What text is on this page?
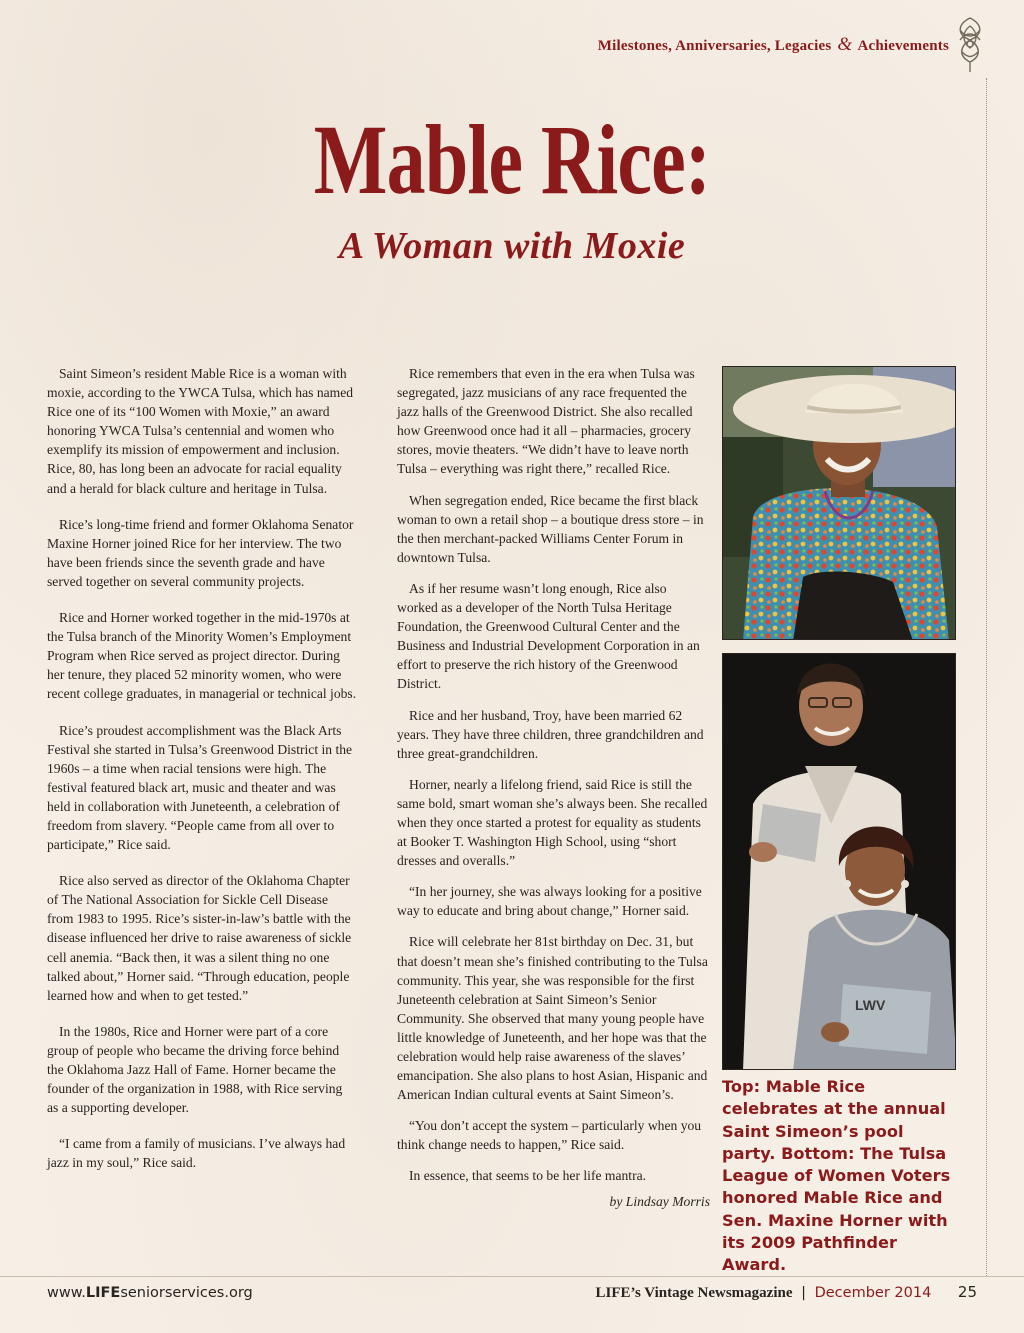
Milestones, Anniversaries, Legacies & Achievements
Mable Rice:
A Woman with Moxie

Saint Simeon’s resident Mable Rice is a woman with moxie, according to the YWCA Tulsa, which has named Rice one of its “100 Women with Moxie,” an award honoring YWCA Tulsa’s centennial and women who exemplify its mission of empowerment and inclusion. Rice, 80, has long been an advocate for racial equality and a herald for black culture and heritage in Tulsa.

Rice’s long-time friend and former Oklahoma Senator Maxine Horner joined Rice for her interview. The two have been friends since the seventh grade and have served together on several community projects.

Rice and Horner worked together in the mid-1970s at the Tulsa branch of the Minority Women’s Employment Program when Rice served as project director. During her tenure, they placed 52 minority women, who were recent college graduates, in managerial or technical jobs.

Rice’s proudest accomplishment was the Black Arts Festival she started in Tulsa’s Greenwood District in the 1960s – a time when racial tensions were high. The festival featured black art, music and theater and was held in collaboration with Juneteenth, a celebration of freedom from slavery. “People came from all over to participate,” Rice said.

Rice also served as director of the Oklahoma Chapter of The National Association for Sickle Cell Disease from 1983 to 1995. Rice’s sister-in-law’s battle with the disease influenced her drive to raise awareness of sickle cell anemia. “Back then, it was a silent thing no one talked about,” Horner said. “Through education, people learned how and when to get tested.”

In the 1980s, Rice and Horner were part of a core group of people who became the driving force behind the Oklahoma Jazz Hall of Fame. Horner became the founder of the organization in 1988, with Rice serving as a supporting developer.

“I came from a family of musicians. I’ve always had jazz in my soul,” Rice said.

Rice remembers that even in the era when Tulsa was segregated, jazz musicians of any race frequented the jazz halls of the Greenwood District. She also recalled how Greenwood once had it all – pharmacies, grocery stores, movie theaters. “We didn’t have to leave north Tulsa – everything was right there,” recalled Rice.

When segregation ended, Rice became the first black woman to own a retail shop – a boutique dress store – in the then merchant-packed Williams Center Forum in downtown Tulsa.

As if her resume wasn’t long enough, Rice also worked as a developer of the North Tulsa Heritage Foundation, the Greenwood Cultural Center and the Business and Industrial Development Corporation in an effort to preserve the rich history of the Greenwood District.

Rice and her husband, Troy, have been married 62 years. They have three children, three grandchildren and three great-grandchildren.

Horner, nearly a lifelong friend, said Rice is still the same bold, smart woman she’s always been. She recalled when they once started a protest for equality as students at Booker T. Washington High School, using “short dresses and overalls.”

“In her journey, she was always looking for a positive way to educate and bring about change,” Horner said.

Rice will celebrate her 81st birthday on Dec. 31, but that doesn’t mean she’s finished contributing to the Tulsa community. This year, she was responsible for the first Juneteenth celebration at Saint Simeon’s Senior Community. She observed that many young people have little knowledge of Juneteenth, and her hope was that the celebration would help raise awareness of the slaves’ emancipation. She also plans to host Asian, Hispanic and American Indian cultural events at Saint Simeon’s.

“You don’t accept the system – particularly when you think change needs to happen,” Rice said.

In essence, that seems to be her life mantra.

by Lindsay Morris
LWV
Top: Mable Rice celebrates at the annual Saint Simeon’s pool party. Bottom: The Tulsa League of Women Voters honored Mable Rice and Sen. Maxine Horner with its 2009 Pathfinder Award.
www.LIFEseniorservices.org	LIFE’s Vintage Newsmagazine | December 2014 25
